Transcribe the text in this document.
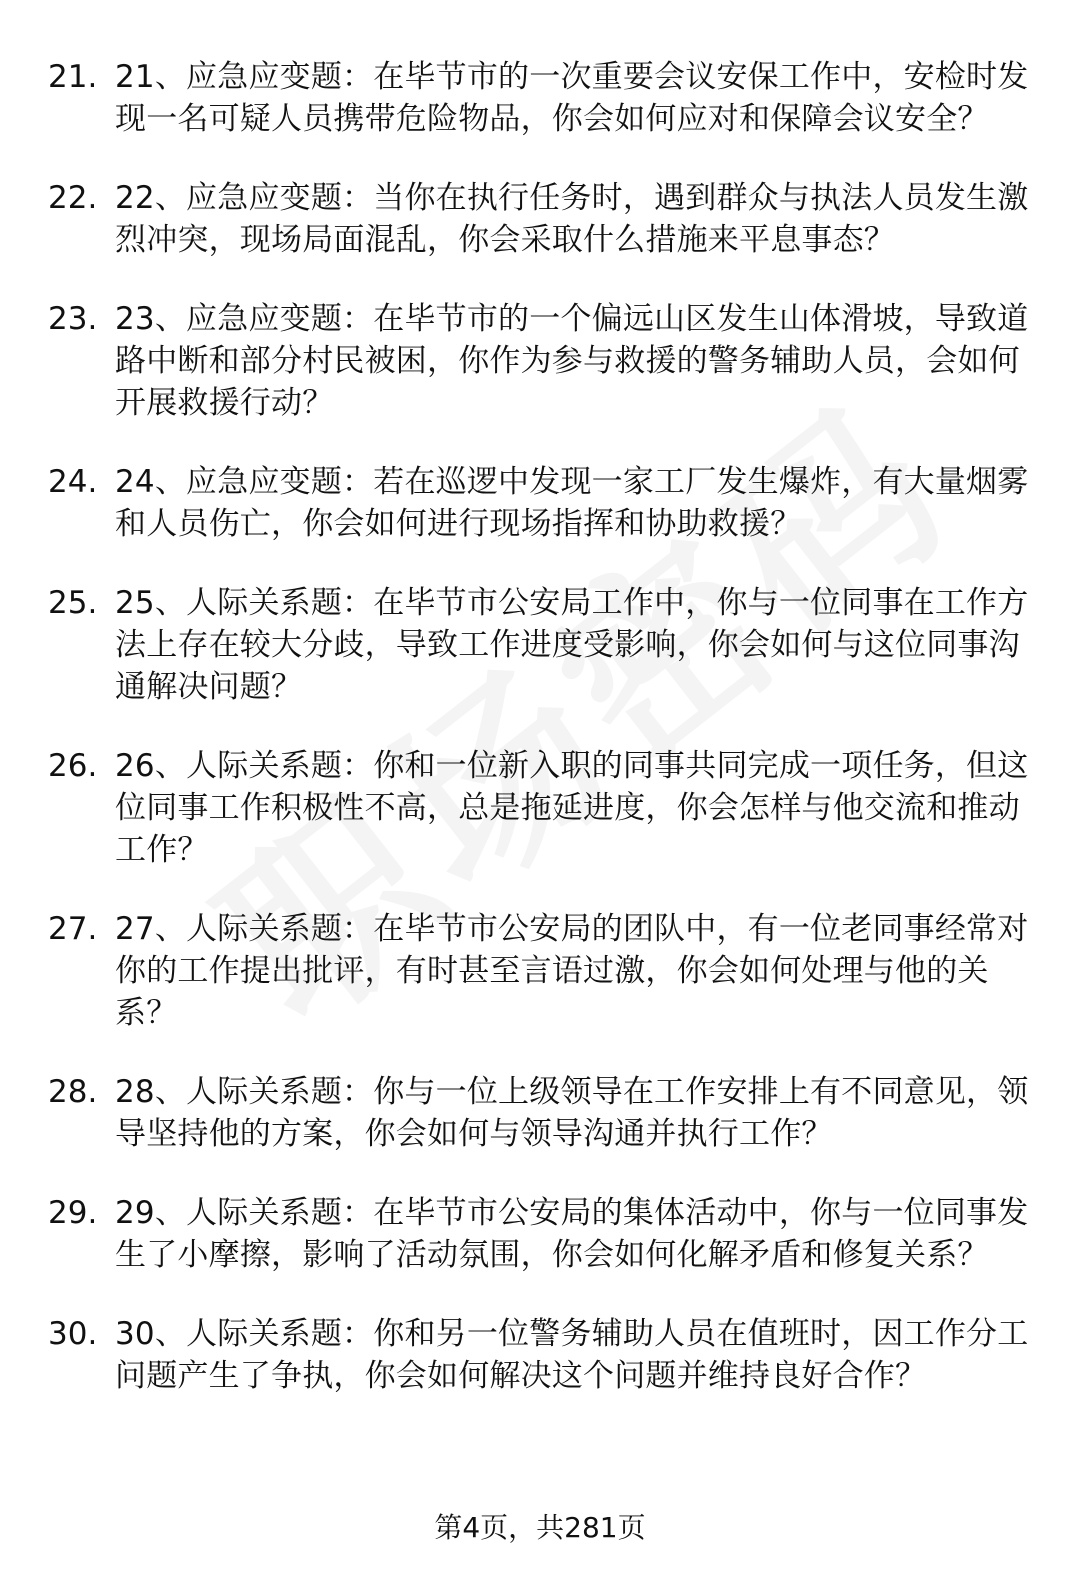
21. 21、应急应变题：在毕节市的一次重要会议安保工作中，安检时发现一名可疑人员携带危险物品，你会如何应对和保障会议安全？
22. 22、应急应变题：当你在执行任务时，遇到群众与执法人员发生激烈冲突，现场局面混乱，你会采取什么措施来平息事态？
23. 23、应急应变题：在毕节市的一个偏远山区发生山体滑坡，导致道路中断和部分村民被困，你作为参与救援的警务辅助人员，会如何开展救援行动？
24. 24、应急应变题：若在巡逻中发现一家工厂发生爆炸，有大量烟雾和人员伤亡，你会如何进行现场指挥和协助救援？
25. 25、人际关系题：在毕节市公安局工作中，你与一位同事在工作方法上存在较大分歧，导致工作进度受影响，你会如何与这位同事沟通解决问题？
26. 26、人际关系题：你和一位新入职的同事共同完成一项任务，但这位同事工作积极性不高，总是拖延进度，你会怎样与他交流和推动工作？
27. 27、人际关系题：在毕节市公安局的团队中，有一位老同事经常对你的工作提出批评，有时甚至言语过激，你会如何处理与他的关系？
28. 28、人际关系题：你与一位上级领导在工作安排上有不同意见，领导坚持他的方案，你会如何与领导沟通并执行工作？
29. 29、人际关系题：在毕节市公安局的集体活动中，你与一位同事发生了小摩擦，影响了活动氛围，你会如何化解矛盾和修复关系？
30. 30、人际关系题：你和另一位警务辅助人员在值班时，因工作分工问题产生了争执，你会如何解决这个问题并维持良好合作？
第4页，共281页
